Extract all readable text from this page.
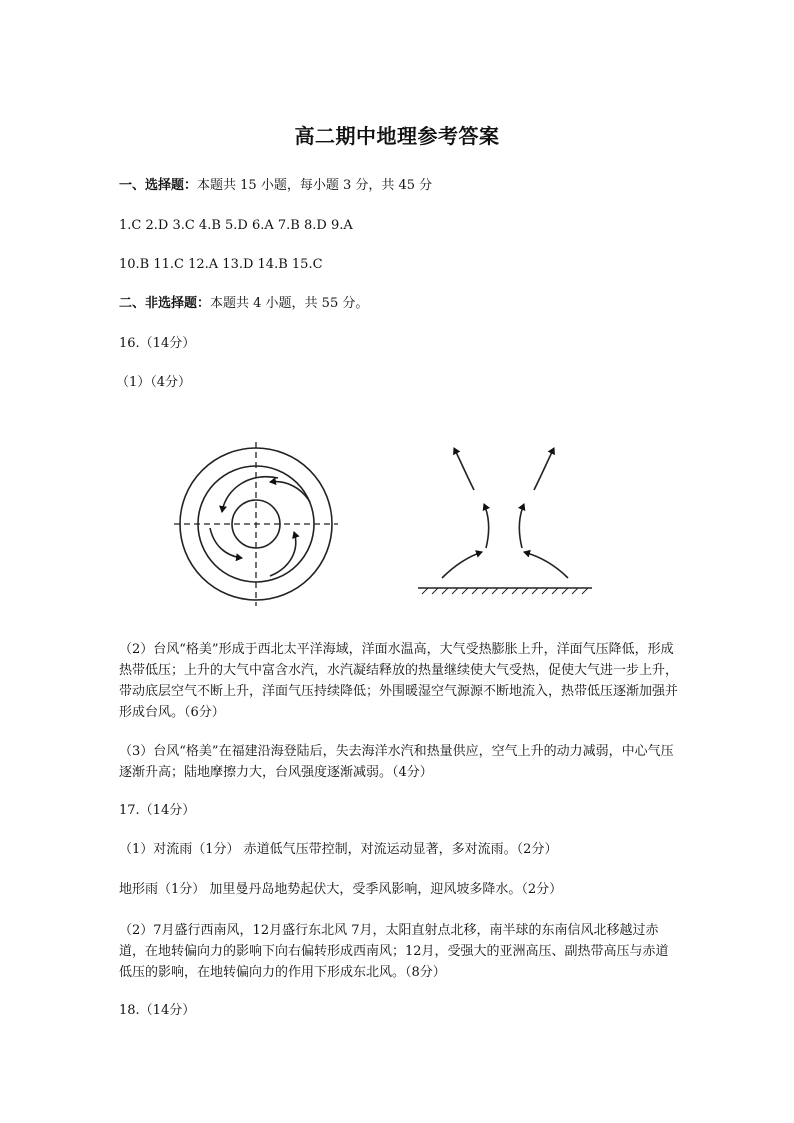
高二期中地理参考答案
一、选择题：本题共 15 小题，每小题 3 分，共 45 分
1.C 2.D 3.C 4.B 5.D 6.A 7.B 8.D 9.A
10.B 11.C 12.A 13.D 14.B 15.C
二、非选择题：本题共 4 小题，共 55 分。
16.（14分）
（1）（4分）
（2）台风“格美”形成于西北太平洋海域，洋面水温高，大气受热膨胀上升，洋面气压降低，形成热带低压；上升的大气中富含水汽，水汽凝结释放的热量继续使大气受热，促使大气进一步上升，带动底层空气不断上升，洋面气压持续降低；外围暖湿空气源源不断地流入，热带低压逐渐加强并形成台风。（6分）
（3）台风“格美”在福建沿海登陆后，失去海洋水汽和热量供应，空气上升的动力减弱，中心气压逐渐升高；陆地摩擦力大，台风强度逐渐减弱。（4分）
17.（14分）
（1）对流雨（1分） 赤道低气压带控制，对流运动显著，多对流雨。（2分）
地形雨（1分） 加里曼丹岛地势起伏大，受季风影响，迎风坡多降水。（2分）
（2）7月盛行西南风，12月盛行东北风 7月，太阳直射点北移，南半球的东南信风北移越过赤道，在地转偏向力的影响下向右偏转形成西南风；12月，受强大的亚洲高压、副热带高压与赤道低压的影响，在地转偏向力的作用下形成东北风。（8分）
18.（14分）
